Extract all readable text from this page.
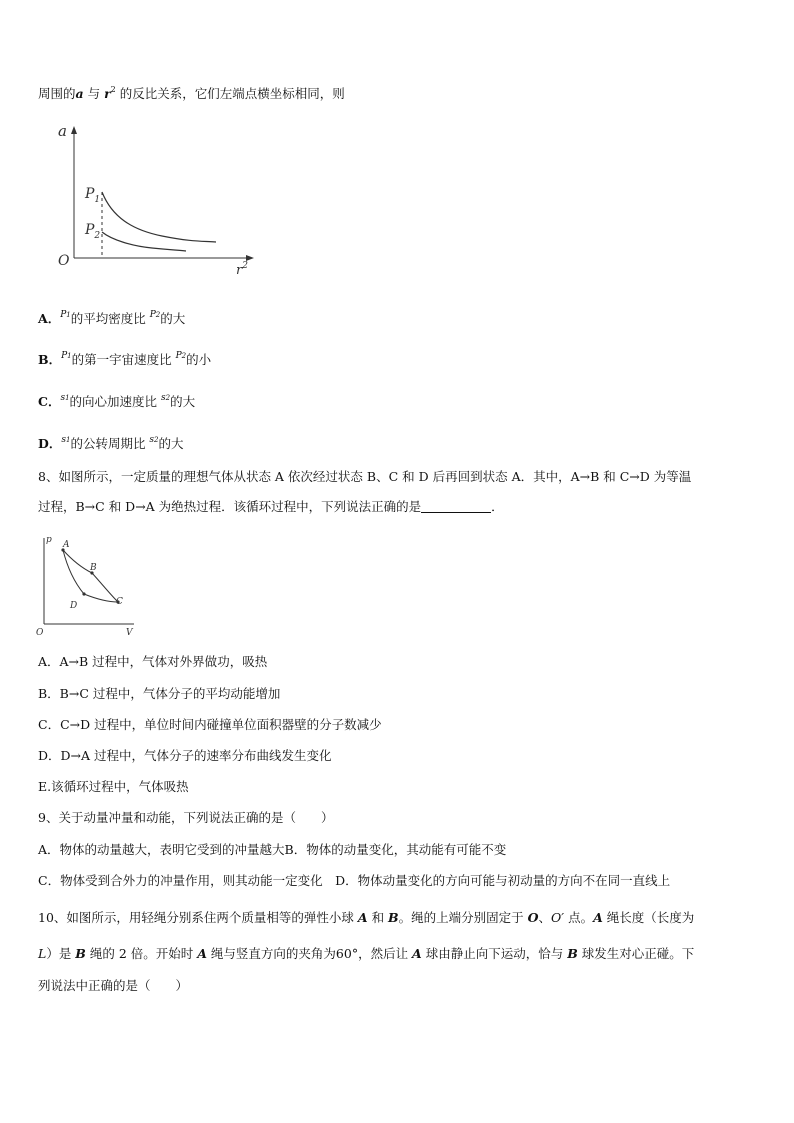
周围的a 与 $r^2$ 的反比关系，它们左端点横坐标相同，则
a
$P_1$
$P_2$
O
$r^2$
A．$^{P1}$的平均密度比 $^{P2}$的大
B．$^{P1}$的第一宇宙速度比 $^{P2}$的小
C．$^{s1}$的向心加速度比 $^{s2}$的大
D．$^{s1}$的公转周期比 $^{s2}$的大
8、如图所示，一定质量的理想气体从状态 A 依次经过状态 B、C 和 D 后再回到状态 A．其中，A→B 和 C→D 为等温
过程，B→C 和 D→A 为绝热过程．该循环过程中，下列说法正确的是	．
p
V
O
A
B
C
D
A．A→B 过程中，气体对外界做功，吸热
B．B→C 过程中，气体分子的平均动能增加
C．C→D 过程中，单位时间内碰撞单位面积器壁的分子数减少
D．D→A 过程中，气体分子的速率分布曲线发生变化
E.该循环过程中，气体吸热
9、关于动量冲量和动能，下列说法正确的是（　　）
A．物体的动量越大，表明它受到的冲量越大B．物体的动量变化，其动能有可能不变
C．物体受到合外力的冲量作用，则其动能一定变化　D．物体动量变化的方向可能与初动量的方向不在同一直线上
10、如图所示，用轻绳分别系住两个质量相等的弹性小球 A 和 B。绳的上端分别固定于 O、O′ 点。A 绳长度（长度为
L）是 B 绳的 2 倍。开始时 A 绳与竖直方向的夹角为60°，然后让 A 球由静止向下运动，恰与 B 球发生对心正碰。下
列说法中正确的是（　　）
